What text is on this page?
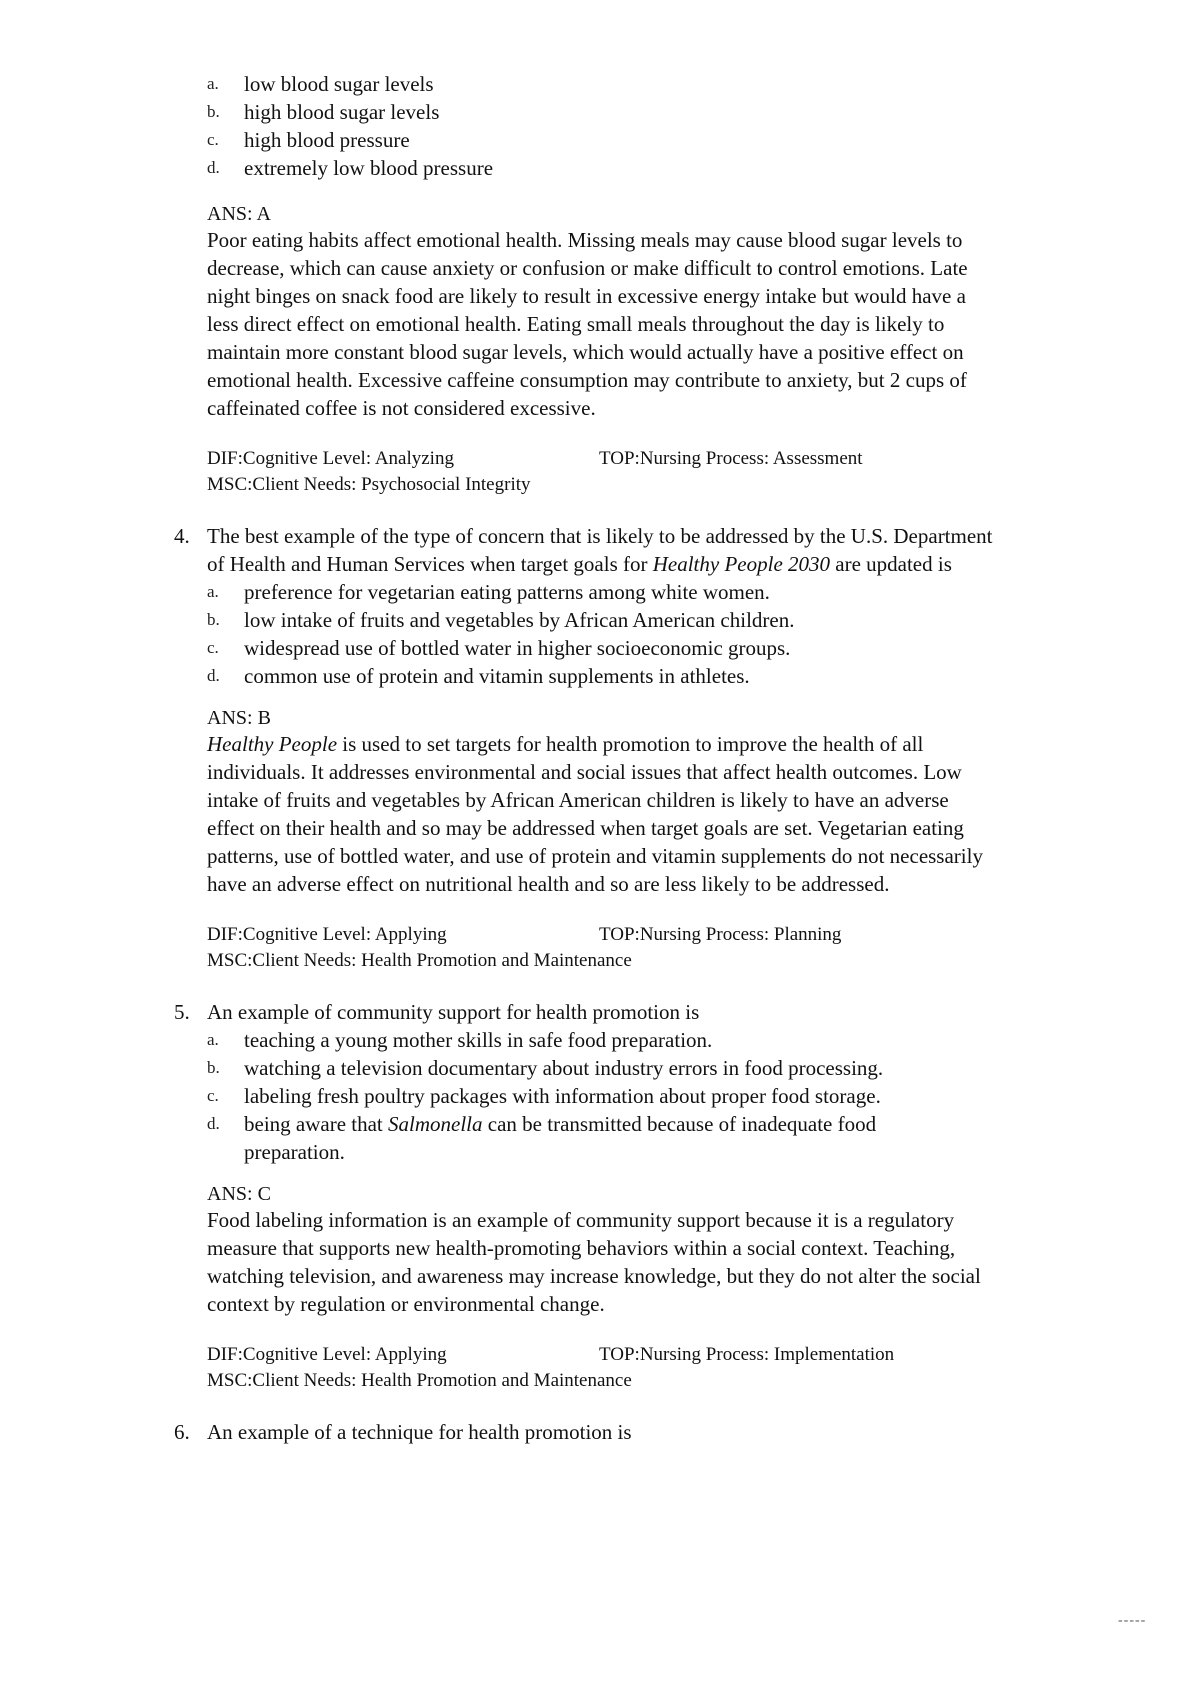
a. low blood sugar levels
b. high blood sugar levels
c. high blood pressure
d. extremely low blood pressure
ANS: A
Poor eating habits affect emotional health. Missing meals may cause blood sugar levels to
decrease, which can cause anxiety or confusion or make difficult to control emotions. Late
night binges on snack food are likely to result in excessive energy intake but would have a
less direct effect on emotional health. Eating small meals throughout the day is likely to
maintain more constant blood sugar levels, which would actually have a positive effect on
emotional health. Excessive caffeine consumption may contribute to anxiety, but 2 cups of
caffeinated coffee is not considered excessive.
DIF:Cognitive Level: Analyzing	TOP:Nursing Process: Assessment
MSC:Client Needs: Psychosocial Integrity
4. The best example of the type of concern that is likely to be addressed by the U.S. Department
of Health and Human Services when target goals for Healthy People 2030 are updated is
a. preference for vegetarian eating patterns among white women.
b. low intake of fruits and vegetables by African American children.
c. widespread use of bottled water in higher socioeconomic groups.
d. common use of protein and vitamin supplements in athletes.
ANS: B
Healthy People is used to set targets for health promotion to improve the health of all
individuals. It addresses environmental and social issues that affect health outcomes. Low
intake of fruits and vegetables by African American children is likely to have an adverse
effect on their health and so may be addressed when target goals are set. Vegetarian eating
patterns, use of bottled water, and use of protein and vitamin supplements do not necessarily
have an adverse effect on nutritional health and so are less likely to be addressed.
DIF:Cognitive Level: Applying	TOP:Nursing Process: Planning
MSC:Client Needs: Health Promotion and Maintenance
5. An example of community support for health promotion is
a. teaching a young mother skills in safe food preparation.
b. watching a television documentary about industry errors in food processing.
c. labeling fresh poultry packages with information about proper food storage.
d. being aware that Salmonella can be transmitted because of inadequate food
preparation.
ANS: C
Food labeling information is an example of community support because it is a regulatory
measure that supports new health-promoting behaviors within a social context. Teaching,
watching television, and awareness may increase knowledge, but they do not alter the social
context by regulation or environmental change.
DIF:Cognitive Level: Applying	TOP:Nursing Process: Implementation
MSC:Client Needs: Health Promotion and Maintenance
6. An example of a technique for health promotion is
-----
